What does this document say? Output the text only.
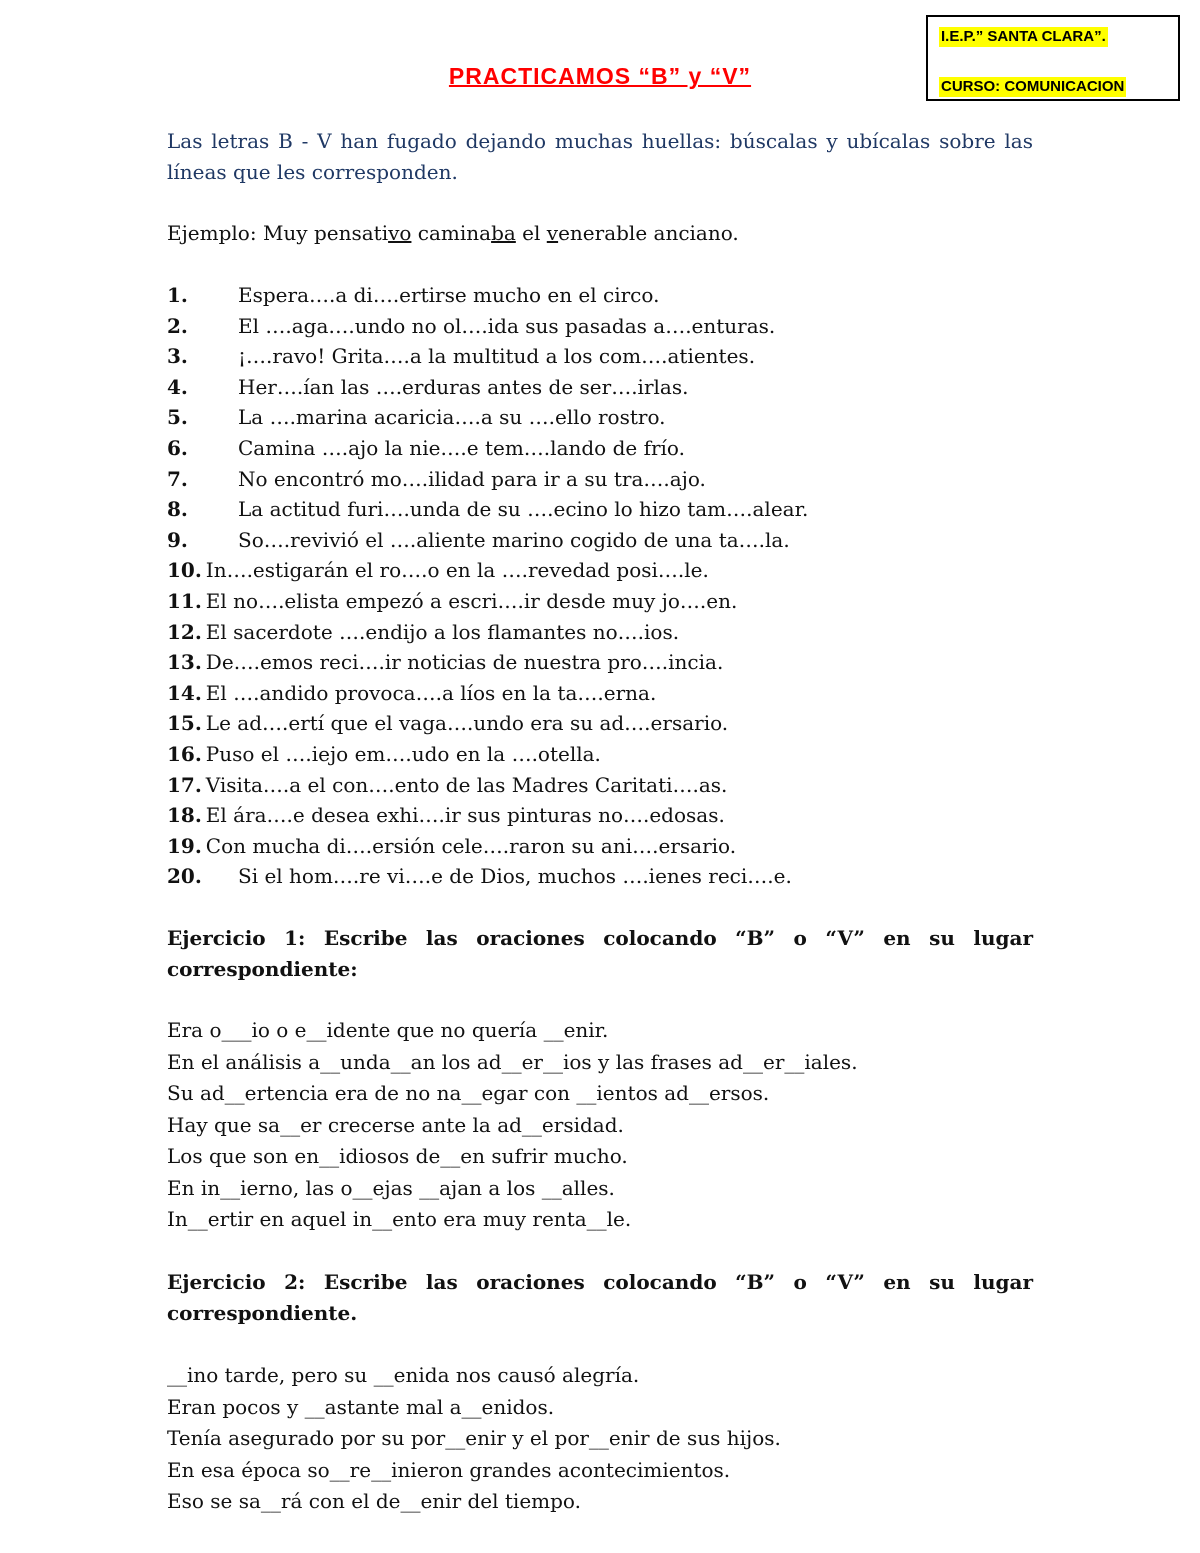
I.E.P.” SANTA CLARA”.
CURSO: COMUNICACION
PRACTICAMOS “B” y “V”

Las letras B - V han fugado dejando muchas huellas: búscalas y ubícalas sobre las líneas que les corresponden.

Ejemplo: Muy pensativo caminaba el venerable anciano.

1.	Espera….a di….ertirse mucho en el circo.
2.	El ….aga….undo no ol….ida sus pasadas a….enturas.
3.	¡….ravo! Grita….a la multitud a los com….atientes.
4.	Her….ían las ….erduras antes de ser….irlas.
5.	La ….marina acaricia….a su ….ello rostro.
6.	Camina ….ajo la nie….e tem….lando de frío.
7.	No encontró mo….ilidad para ir a su tra….ajo.
8.	La actitud furi….unda de su ….ecino lo hizo tam….alear.
9.	So….revivió el ….aliente marino cogido de una ta….la.
10. In….estigarán el ro….o en la ….revedad posi….le.
11. El no….elista empezó a escri….ir desde muy jo….en.
12. El sacerdote ….endijo a los flamantes no….ios.
13. De….emos reci….ir noticias de nuestra pro….incia.
14. El ….andido provoca….a líos en la ta….erna.
15. Le ad….ertí que el vaga….undo era su ad….ersario.
16. Puso el ….iejo em….udo en la ….otella.
17. Visita….a el con….ento de las Madres Caritati….as.
18. El ára….e desea exhi….ir sus pinturas no….edosas.
19. Con mucha di….ersión cele….raron su ani….ersario.
20.	Si el hom….re vi….e de Dios, muchos ….ienes reci….e.

Ejercicio 1: Escribe las oraciones colocando “B” o “V” en su lugar correspondiente:

Era o___io o e__idente que no quería __enir.
En el análisis a__unda__an los ad__er__ios y las frases ad__er__iales.
Su ad__ertencia era de no na__egar con __ientos ad__ersos.
Hay que sa__er crecerse ante la ad__ersidad.
Los que son en__idiosos de__en sufrir mucho.
En in__ierno, las o__ejas __ajan a los __alles.
In__ertir en aquel in__ento era muy renta__le.

Ejercicio 2: Escribe las oraciones colocando “B” o “V” en su lugar correspondiente.

__ino tarde, pero su __enida nos causó alegría.
Eran pocos y __astante mal a__enidos.
Tenía asegurado por su por__enir y el por__enir de sus hijos.
En esa época so__re__inieron grandes acontecimientos.
Eso se sa__rá con el de__enir del tiempo.
